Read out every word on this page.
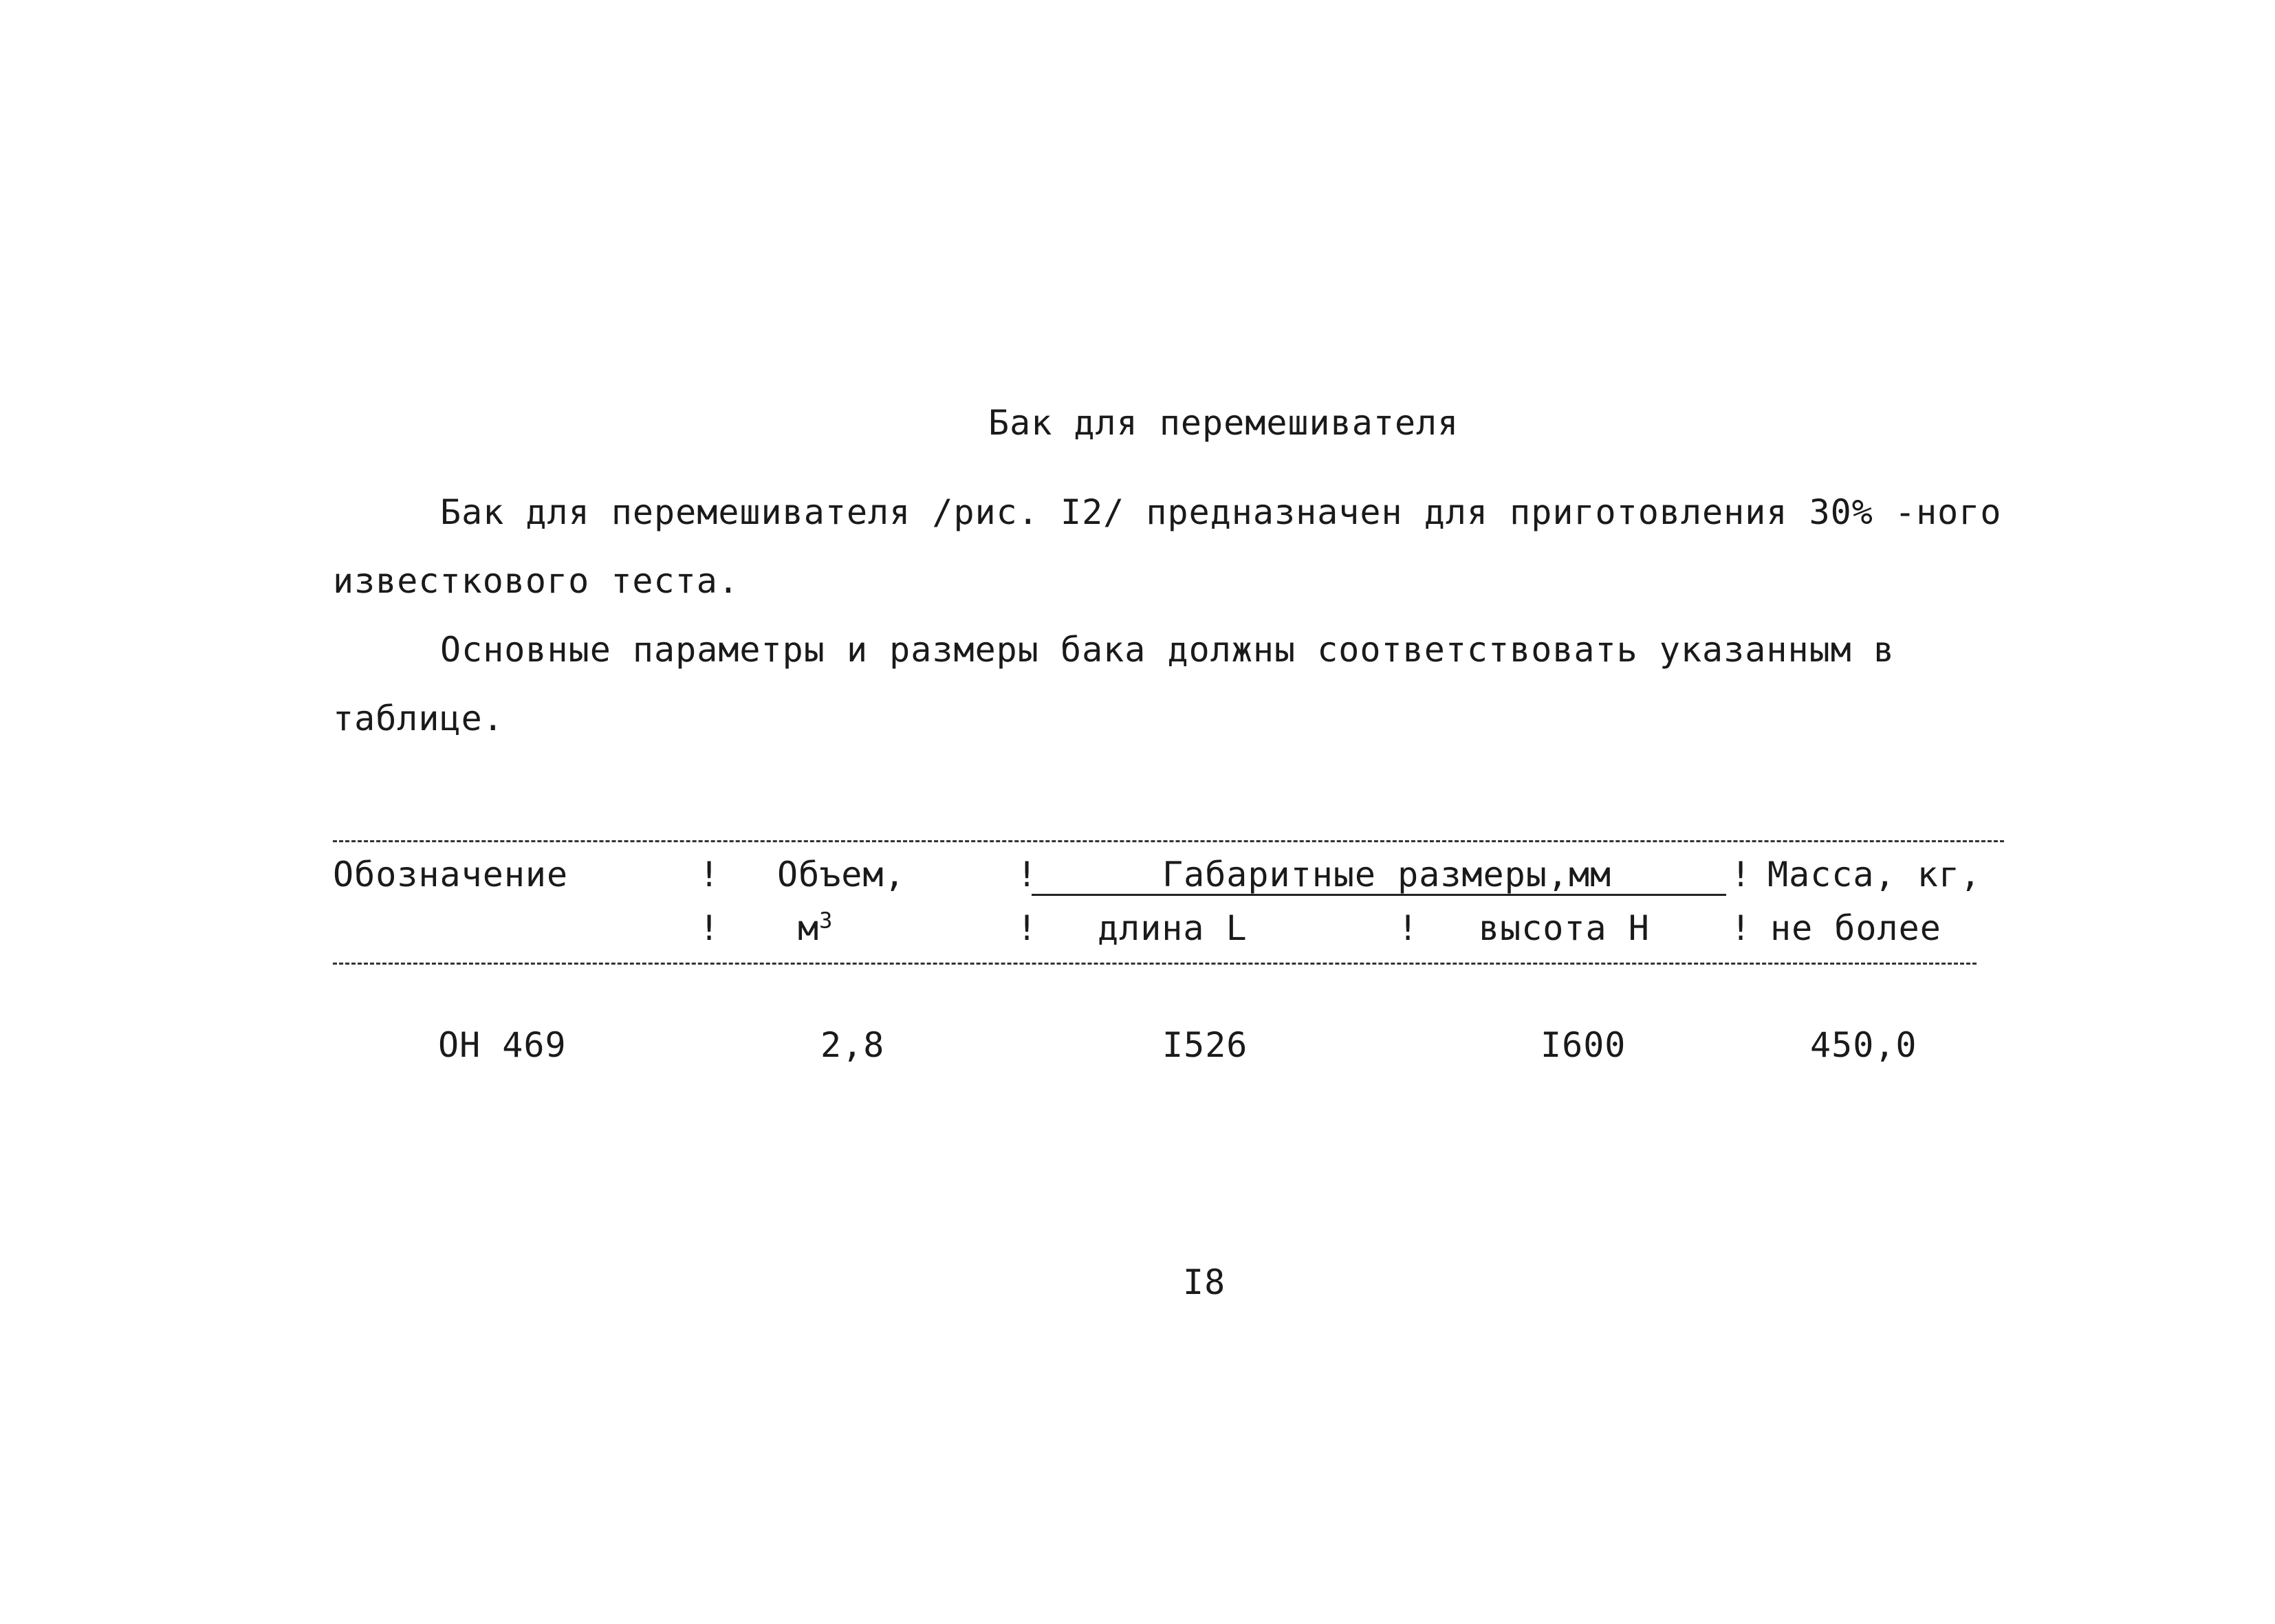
Бак для перемешивателя
Бак для перемешивателя /рис. I2/ предназначен для приготовления 30% -ного
известкового теста.
Основные параметры и размеры бака должны соответствовать указанным в
таблице.
Обозначение	! Объем,	!	Габаритные размеры,мм	! Масса, кг,
! $м^3$	! длина L	! высота H ! не более
ОН 469	2,8	I526	I600	450,0
I8
